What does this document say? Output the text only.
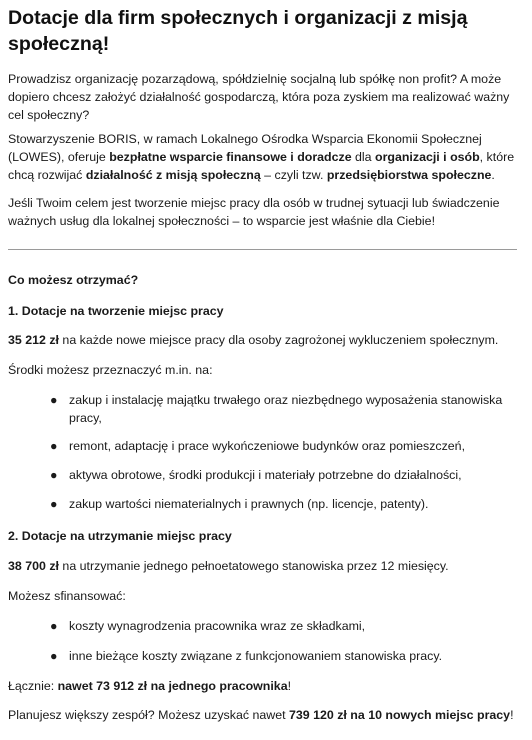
Dotacje dla firm społecznych i organizacji z misją społeczną!

Prowadzisz organizację pozarządową, spółdzielnię socjalną lub spółkę non profit? A może dopiero chcesz założyć działalność gospodarczą, która poza zyskiem ma realizować ważny cel społeczny?

Stowarzyszenie BORIS, w ramach Lokalnego Ośrodka Wsparcia Ekonomii Społecznej (LOWES), oferuje bezpłatne wsparcie finansowe i doradcze dla organizacji i osób, które chcą rozwijać działalność z misją społeczną – czyli tzw. przedsiębiorstwa społeczne.

Jeśli Twoim celem jest tworzenie miejsc pracy dla osób w trudnej sytuacji lub świadczenie ważnych usług dla lokalnej społeczności – to wsparcie jest właśnie dla Ciebie!

Co możesz otrzymać?

1. Dotacje na tworzenie miejsc pracy

35 212 zł na każde nowe miejsce pracy dla osoby zagrożonej wykluczeniem społecznym.

Środki możesz przeznaczyć m.in. na:

● zakup i instalację majątku trwałego oraz niezbędnego wyposażenia stanowiska pracy,
● remont, adaptację i prace wykończeniowe budynków oraz pomieszczeń,
● aktywa obrotowe, środki produkcji i materiały potrzebne do działalności,
● zakup wartości niematerialnych i prawnych (np. licencje, patenty).

2. Dotacje na utrzymanie miejsc pracy

38 700 zł na utrzymanie jednego pełnoetatowego stanowiska przez 12 miesięcy.

Możesz sfinansować:

● koszty wynagrodzenia pracownika wraz ze składkami,
● inne bieżące koszty związane z funkcjonowaniem stanowiska pracy.

Łącznie: nawet 73 912 zł na jednego pracownika!

Planujesz większy zespół? Możesz uzyskać nawet 739 120 zł na 10 nowych miejsc pracy!
